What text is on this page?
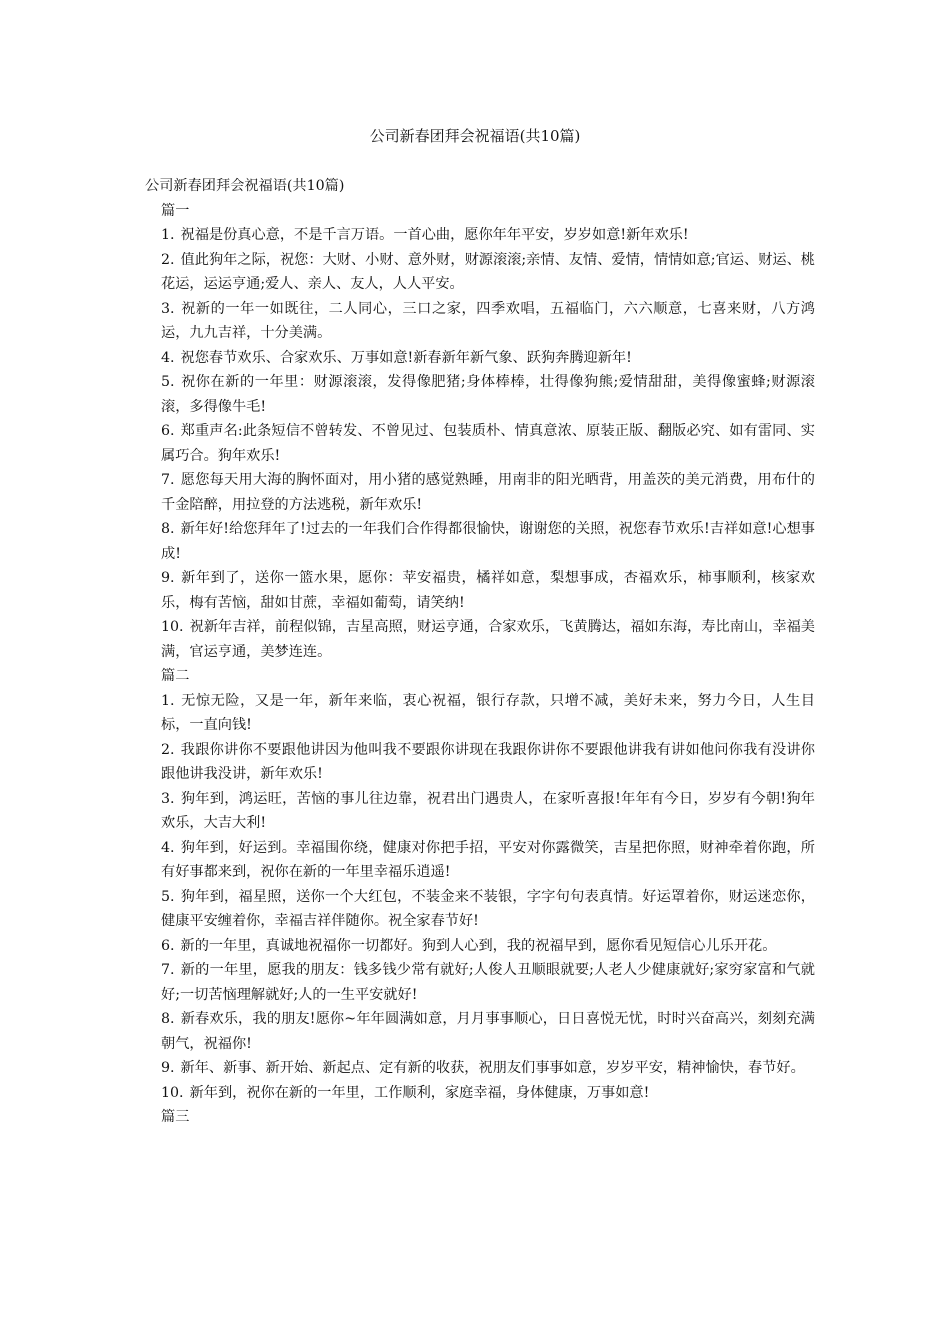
公司新春团拜会祝福语(共10篇)
公司新春团拜会祝福语(共10篇)
篇一
1. 祝福是份真心意，不是千言万语。一首心曲，愿你年年平安，岁岁如意!新年欢乐!
2. 值此狗年之际，祝您：大财、小财、意外财，财源滚滚;亲情、友情、爱情，情情如意;官运、财运、桃花运，运运亨通;爱人、亲人、友人，人人平安。
3. 祝新的一年一如既往，二人同心，三口之家，四季欢唱，五福临门，六六顺意，七喜来财，八方鸿运，九九吉祥，十分美满。
4. 祝您春节欢乐、合家欢乐、万事如意!新春新年新气象、跃狗奔腾迎新年!
5. 祝你在新的一年里：财源滚滚，发得像肥猪;身体棒棒，壮得像狗熊;爱情甜甜，美得像蜜蜂;财源滚滚，多得像牛毛!
6. 郑重声名:此条短信不曾转发、不曾见过、包装质朴、情真意浓、原装正版、翻版必究、如有雷同、实属巧合。狗年欢乐!
7. 愿您每天用大海的胸怀面对，用小猪的感觉熟睡，用南非的阳光晒背，用盖茨的美元消费，用布什的千金陪醉，用拉登的方法逃税，新年欢乐!
8. 新年好!给您拜年了!过去的一年我们合作得都很愉快，谢谢您的关照，祝您春节欢乐!吉祥如意!心想事成!
9. 新年到了，送你一篮水果，愿你：苹安福贵，橘祥如意，梨想事成，杏福欢乐，柿事顺利，核家欢乐，梅有苦恼，甜如甘蔗，幸福如葡萄，请笑纳!
10. 祝新年吉祥，前程似锦，吉星高照，财运亨通，合家欢乐，飞黄腾达，福如东海，寿比南山，幸福美满，官运亨通，美梦连连。
篇二
1. 无惊无险，又是一年，新年来临，衷心祝福，银行存款，只增不减，美好未来，努力今日，人生目标，一直向钱!
2. 我跟你讲你不要跟他讲因为他叫我不要跟你讲现在我跟你讲你不要跟他讲我有讲如他问你我有没讲你跟他讲我没讲，新年欢乐!
3. 狗年到，鸿运旺，苦恼的事儿往边靠，祝君出门遇贵人，在家听喜报!年年有今日，岁岁有今朝!狗年欢乐，大吉大利!
4. 狗年到，好运到。幸福围你绕，健康对你把手招，平安对你露微笑，吉星把你照，财神牵着你跑，所有好事都来到，祝你在新的一年里幸福乐逍遥!
5. 狗年到，福星照，送你一个大红包，不装金来不装银，字字句句表真情。好运罩着你，财运迷恋你，健康平安缠着你，幸福吉祥伴随你。祝全家春节好!
6. 新的一年里，真诚地祝福你一切都好。狗到人心到，我的祝福早到，愿你看见短信心儿乐开花。
7. 新的一年里，愿我的朋友：钱多钱少常有就好;人俊人丑顺眼就要;人老人少健康就好;家穷家富和气就好;一切苦恼理解就好;人的一生平安就好!
8. 新春欢乐，我的朋友!愿你~年年圆满如意，月月事事顺心，日日喜悦无忧，时时兴奋高兴，刻刻充满朝气，祝福你!
9. 新年、新事、新开始、新起点、定有新的收获，祝朋友们事事如意，岁岁平安，精神愉快，春节好。
10. 新年到，祝你在新的一年里，工作顺利，家庭幸福，身体健康，万事如意!
篇三
